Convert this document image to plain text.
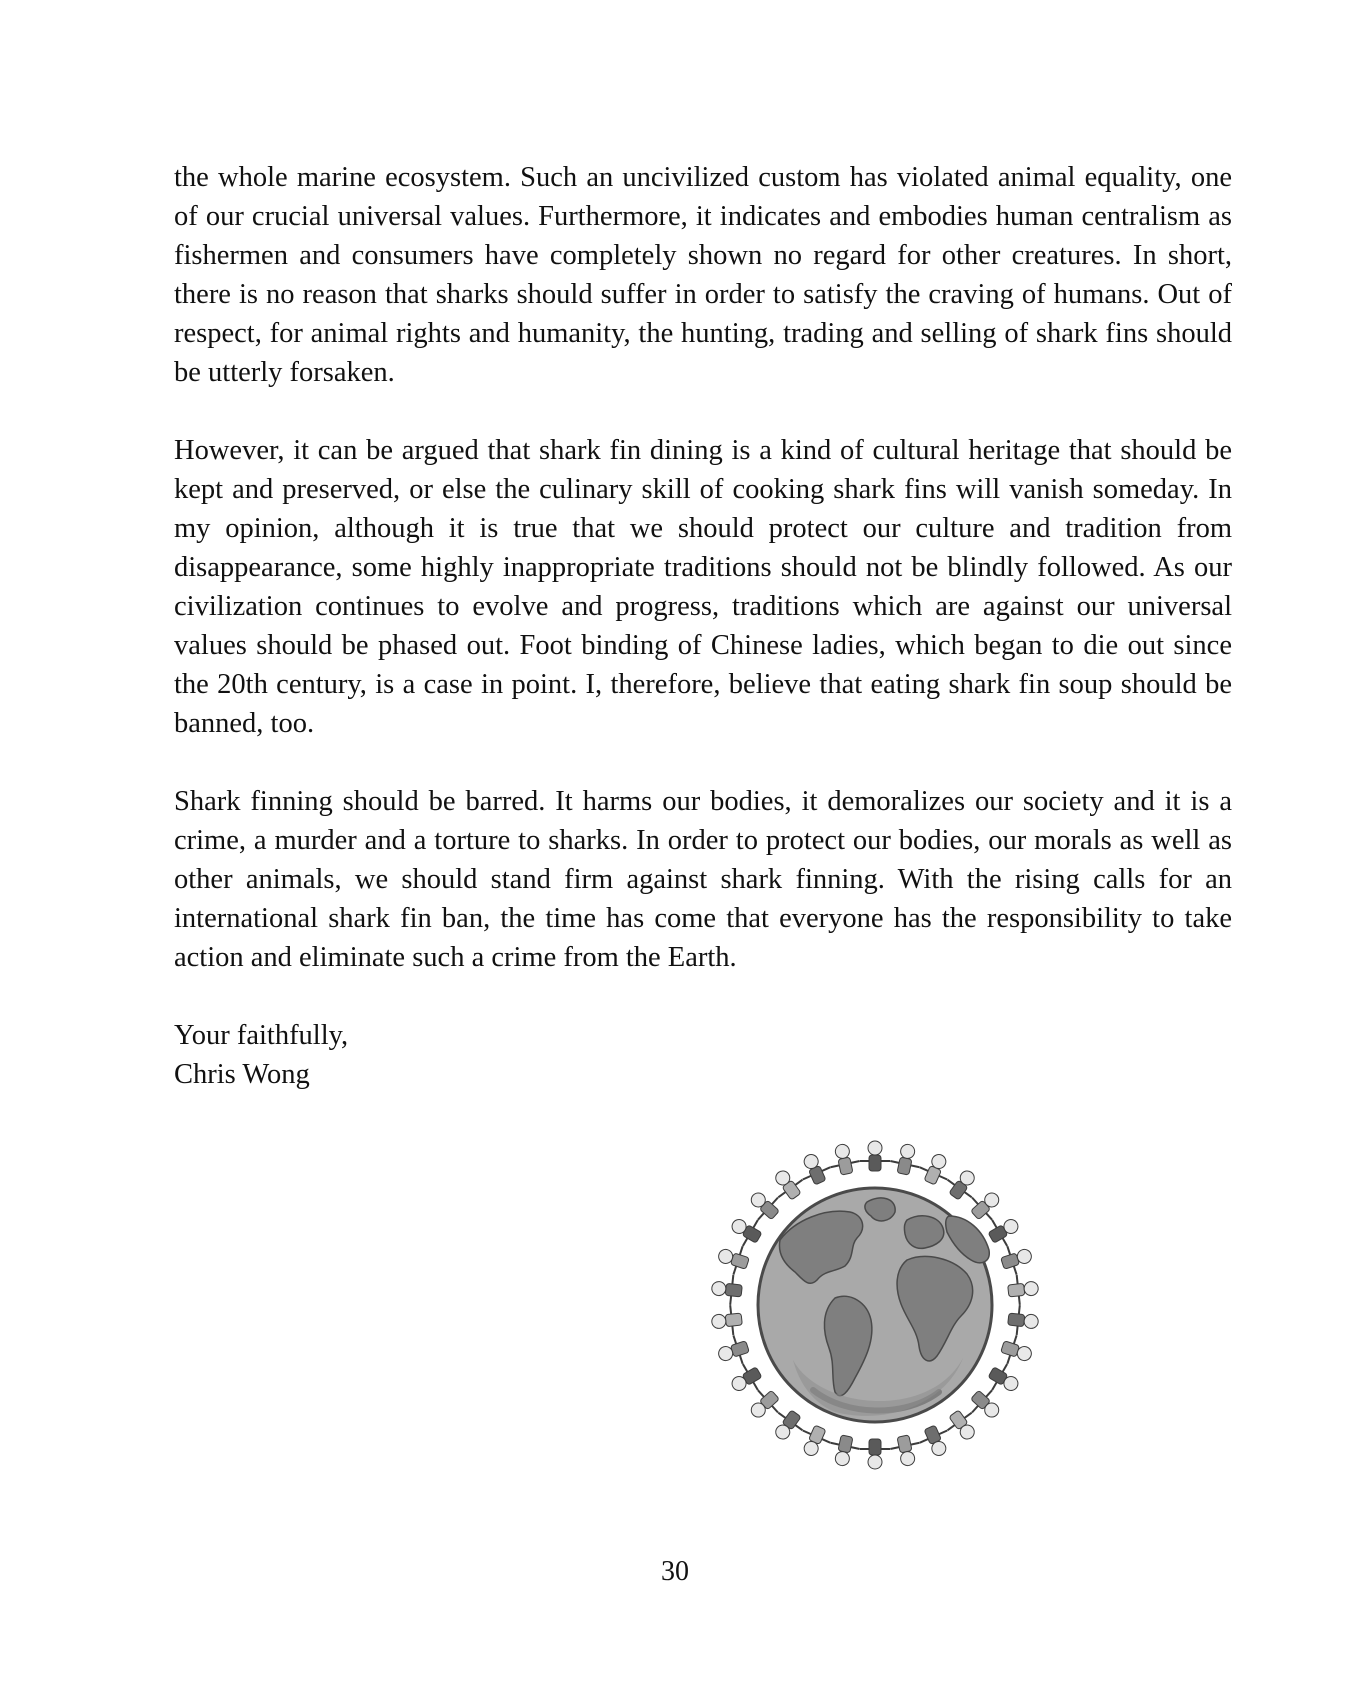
the whole marine ecosystem. Such an uncivilized custom has violated animal equality, one of our crucial universal values. Furthermore, it indicates and embodies human centralism as fishermen and consumers have completely shown no regard for other creatures. In short, there is no reason that sharks should suffer in order to satisfy the craving of humans. Out of respect, for animal rights and humanity, the hunting, trading and selling of shark fins should be utterly forsaken.

However, it can be argued that shark fin dining is a kind of cultural heritage that should be kept and preserved, or else the culinary skill of cooking shark fins will vanish someday. In my opinion, although it is true that we should protect our culture and tradition from disappearance, some highly inappropriate traditions should not be blindly followed. As our civilization continues to evolve and progress, traditions which are against our universal values should be phased out. Foot binding of Chinese ladies, which began to die out since the 20th century, is a case in point. I, therefore, believe that eating shark fin soup should be banned, too.

Shark finning should be barred. It harms our bodies, it demoralizes our society and it is a crime, a murder and a torture to sharks. In order to protect our bodies, our morals as well as other animals, we should stand firm against shark finning. With the rising calls for an international shark fin ban, the time has come that everyone has the responsibility to take action and eliminate such a crime from the Earth.

Your faithfully,
Chris Wong

30
